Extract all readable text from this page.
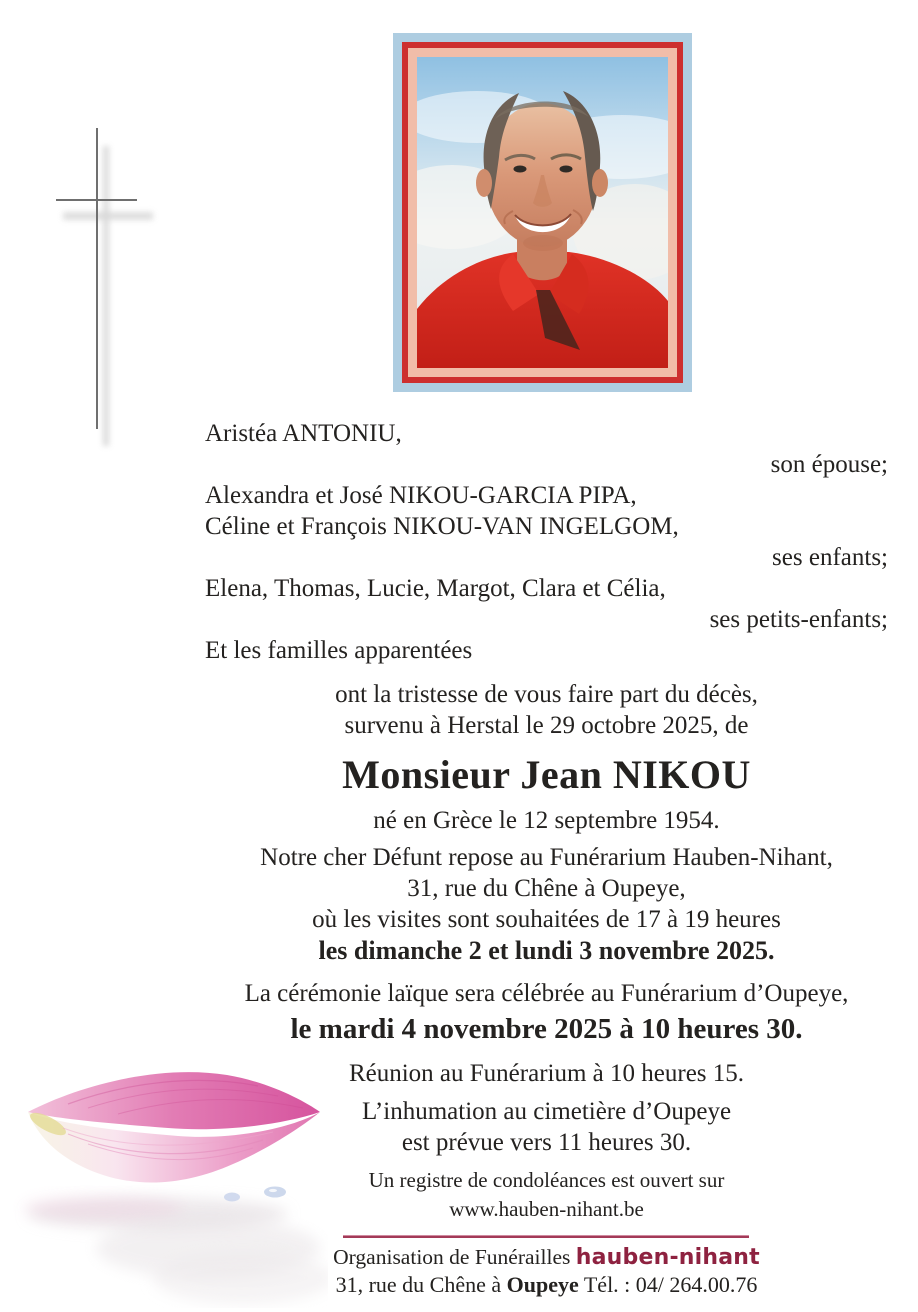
Aristéa ANTONIU,
son épouse;
Alexandra et José NIKOU-GARCIA PIPA,
Céline et François NIKOU-VAN INGELGOM,
ses enfants;
Elena, Thomas, Lucie, Margot, Clara et Célia,
ses petits-enfants;
Et les familles apparentées
ont la tristesse de vous faire part du décès,
survenu à Herstal le 29 octobre 2025, de
Monsieur Jean NIKOU
né en Grèce le 12 septembre 1954.
Notre cher Défunt repose au Funérarium Hauben-Nihant,
31, rue du Chêne à Oupeye,
où les visites sont souhaitées de 17 à 19 heures
les dimanche 2 et lundi 3 novembre 2025.
La cérémonie laïque sera célébrée au Funérarium d’Oupeye,
le mardi 4 novembre 2025 à 10 heures 30.
Réunion au Funérarium à 10 heures 15.
L’inhumation au cimetière d’Oupeye
est prévue vers 11 heures 30.
Un registre de condoléances est ouvert sur
www.hauben-nihant.be
Organisation de Funérailles hauben-nihant
31, rue du Chêne à Oupeye Tél. : 04/ 264.00.76
